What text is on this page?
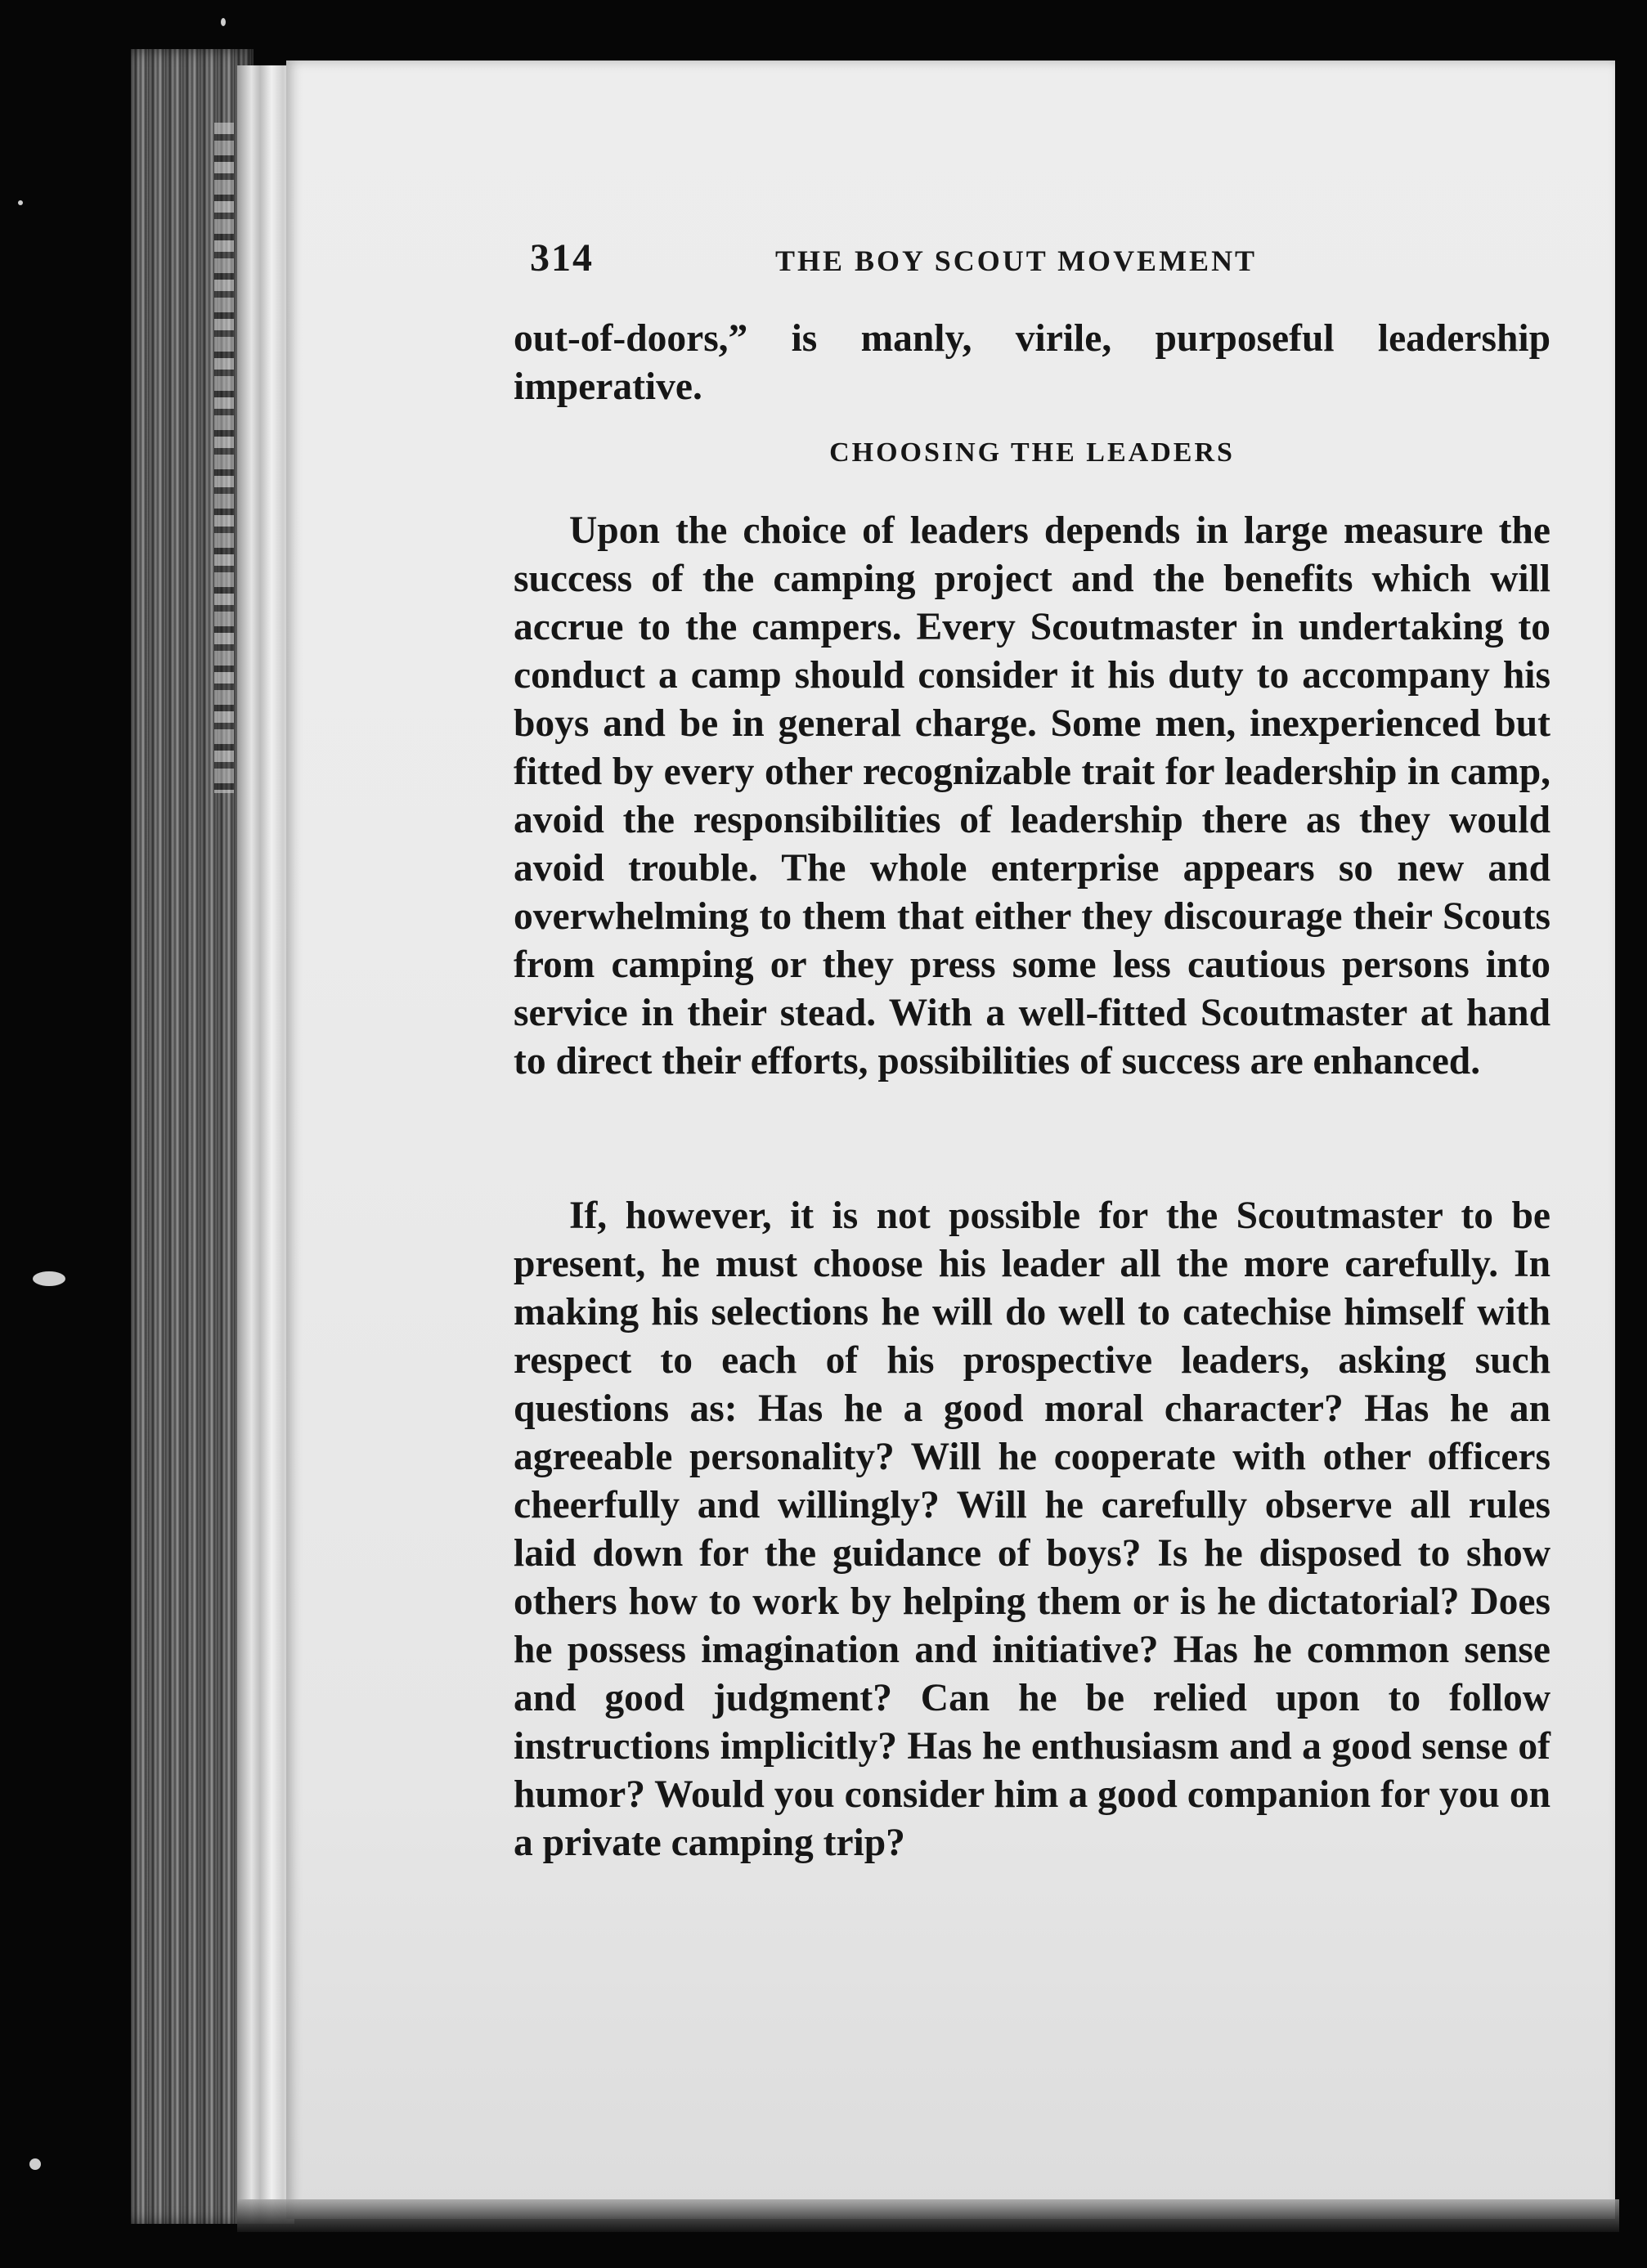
314	THE BOY SCOUT MOVEMENT

out-of-doors,” is manly, virile, purposeful leadership imperative.

CHOOSING THE LEADERS

Upon the choice of leaders depends in large measure the success of the camping project and the benefits which will accrue to the campers. Every Scoutmaster in undertaking to conduct a camp should consider it his duty to accompany his boys and be in general charge. Some men, inexperienced but fitted by every other recognizable trait for leadership in camp, avoid the responsibilities of leadership there as they would avoid trouble. The whole enterprise appears so new and overwhelming to them that either they discourage their Scouts from camping or they press some less cautious persons into service in their stead. With a well-fitted Scoutmaster at hand to direct their efforts, possibilities of success are enhanced.

If, however, it is not possible for the Scoutmaster to be present, he must choose his leader all the more carefully. In making his selections he will do well to catechise himself with respect to each of his prospective leaders, asking such questions as: Has he a good moral character? Has he an agreeable personality? Will he cooperate with other officers cheerfully and willingly? Will he carefully observe all rules laid down for the guidance of boys? Is he disposed to show others how to work by helping them or is he dictatorial? Does he possess imagination and initiative? Has he common sense and good judgment? Can he be relied upon to follow instructions implicitly? Has he enthusiasm and a good sense of humor? Would you consider him a good companion for you on a private camping trip?
